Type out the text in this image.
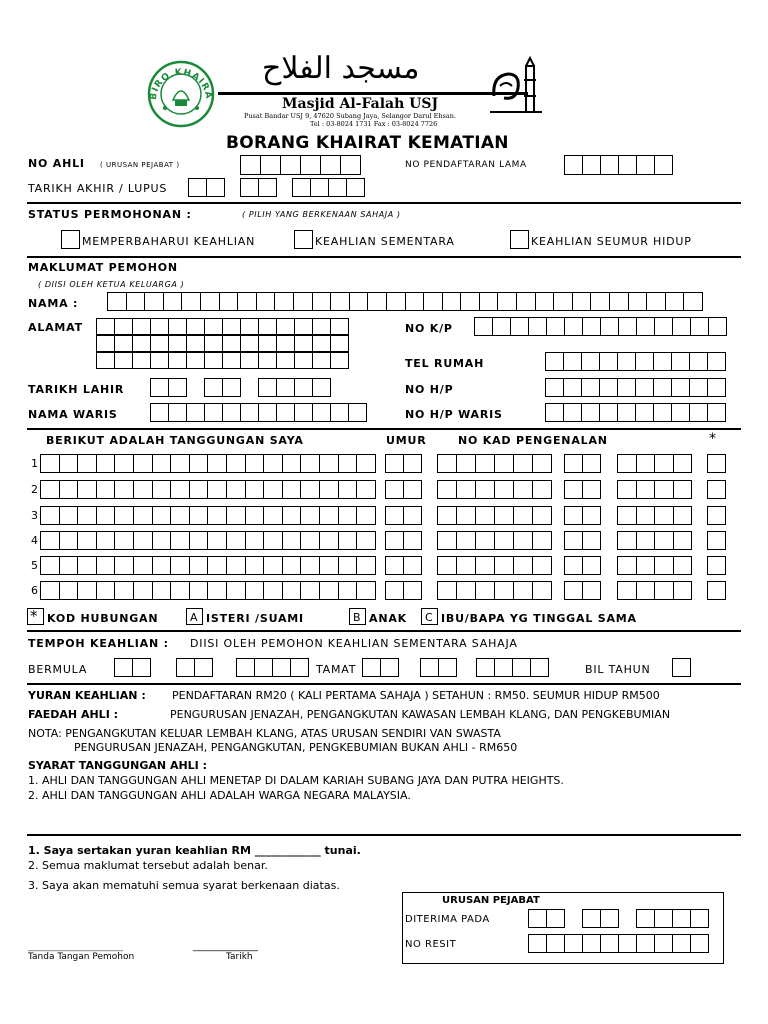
BIRO KHAIRA
مسجد الفلاح
Masjid Al-Falah USJ
Pusat Bandar USJ 9, 47620 Subang Jaya, Selangor Darul Ehsan.
Tel : 03-8024 1731 Fax : 03-8024 7726
BORANG KHAIRAT KEMATIAN
NO AHLI ( URUSAN PEJABAT )	NO PENDAFTARAN LAMA
TARIKH AKHIR / LUPUS
STATUS PERMOHONAN :	( PILIH YANG BERKENAAN SAHAJA )
MEMPERBAHARUI KEAHLIAN	KEAHLIAN SEMENTARA	KEAHLIAN SEUMUR HIDUP
MAKLUMAT PEMOHON
( DIISI OLEH KETUA KELUARGA )
NAMA :
ALAMAT	NO K/P
TEL RUMAH
TARIKH LAHIR	NO H/P
NAMA WARIS	NO H/P WARIS
BERIKUT ADALAH TANGGUNGAN SAYA	UMUR	NO KAD PENGENALAN	*
1
2
3
4
5
6
* KOD HUBUNGAN	A ISTERI /SUAMI	B ANAK C IBU/BAPA YG TINGGAL SAMA
TEMPOH KEAHLIAN : DIISI OLEH PEMOHON KEAHLIAN SEMENTARA SAHAJA
BERMULA	TAMAT	BIL TAHUN
YURAN KEAHLIAN : PENDAFTARAN RM20 ( KALI PERTAMA SAHAJA ) SETAHUN : RM50. SEUMUR HIDUP RM500
FAEDAH AHLI :	PENGURUSAN JENAZAH, PENGANGKUTAN KAWASAN LEMBAH KLANG, DAN PENGKEBUMIAN
NOTA: PENGANGKUTAN KELUAR LEMBAH KLANG, ATAS URUSAN SENDIRI VAN SWASTA
PENGURUSAN JENAZAH, PENGANGKUTAN, PENGKEBUMIAN BUKAN AHLI - RM650
SYARAT TANGGUNGAN AHLI :
1. AHLI DAN TANGGUNGAN AHLI MENETAP DI DALAM KARIAH SUBANG JAYA DAN PUTRA HEIGHTS.
2. AHLI DAN TANGGUNGAN AHLI ADALAH WARGA NEGARA MALAYSIA.
1. Saya sertakan yuran keahlian RM ____________ tunai.
2. Semua maklumat tersebut adalah benar.
3. Saya akan mematuhi semua syarat berkenaan diatas.
___________________
Tanda Tangan Pemohon
_____________
Tarikh
URUSAN PEJABAT
DITERIMA PADA
NO RESIT
